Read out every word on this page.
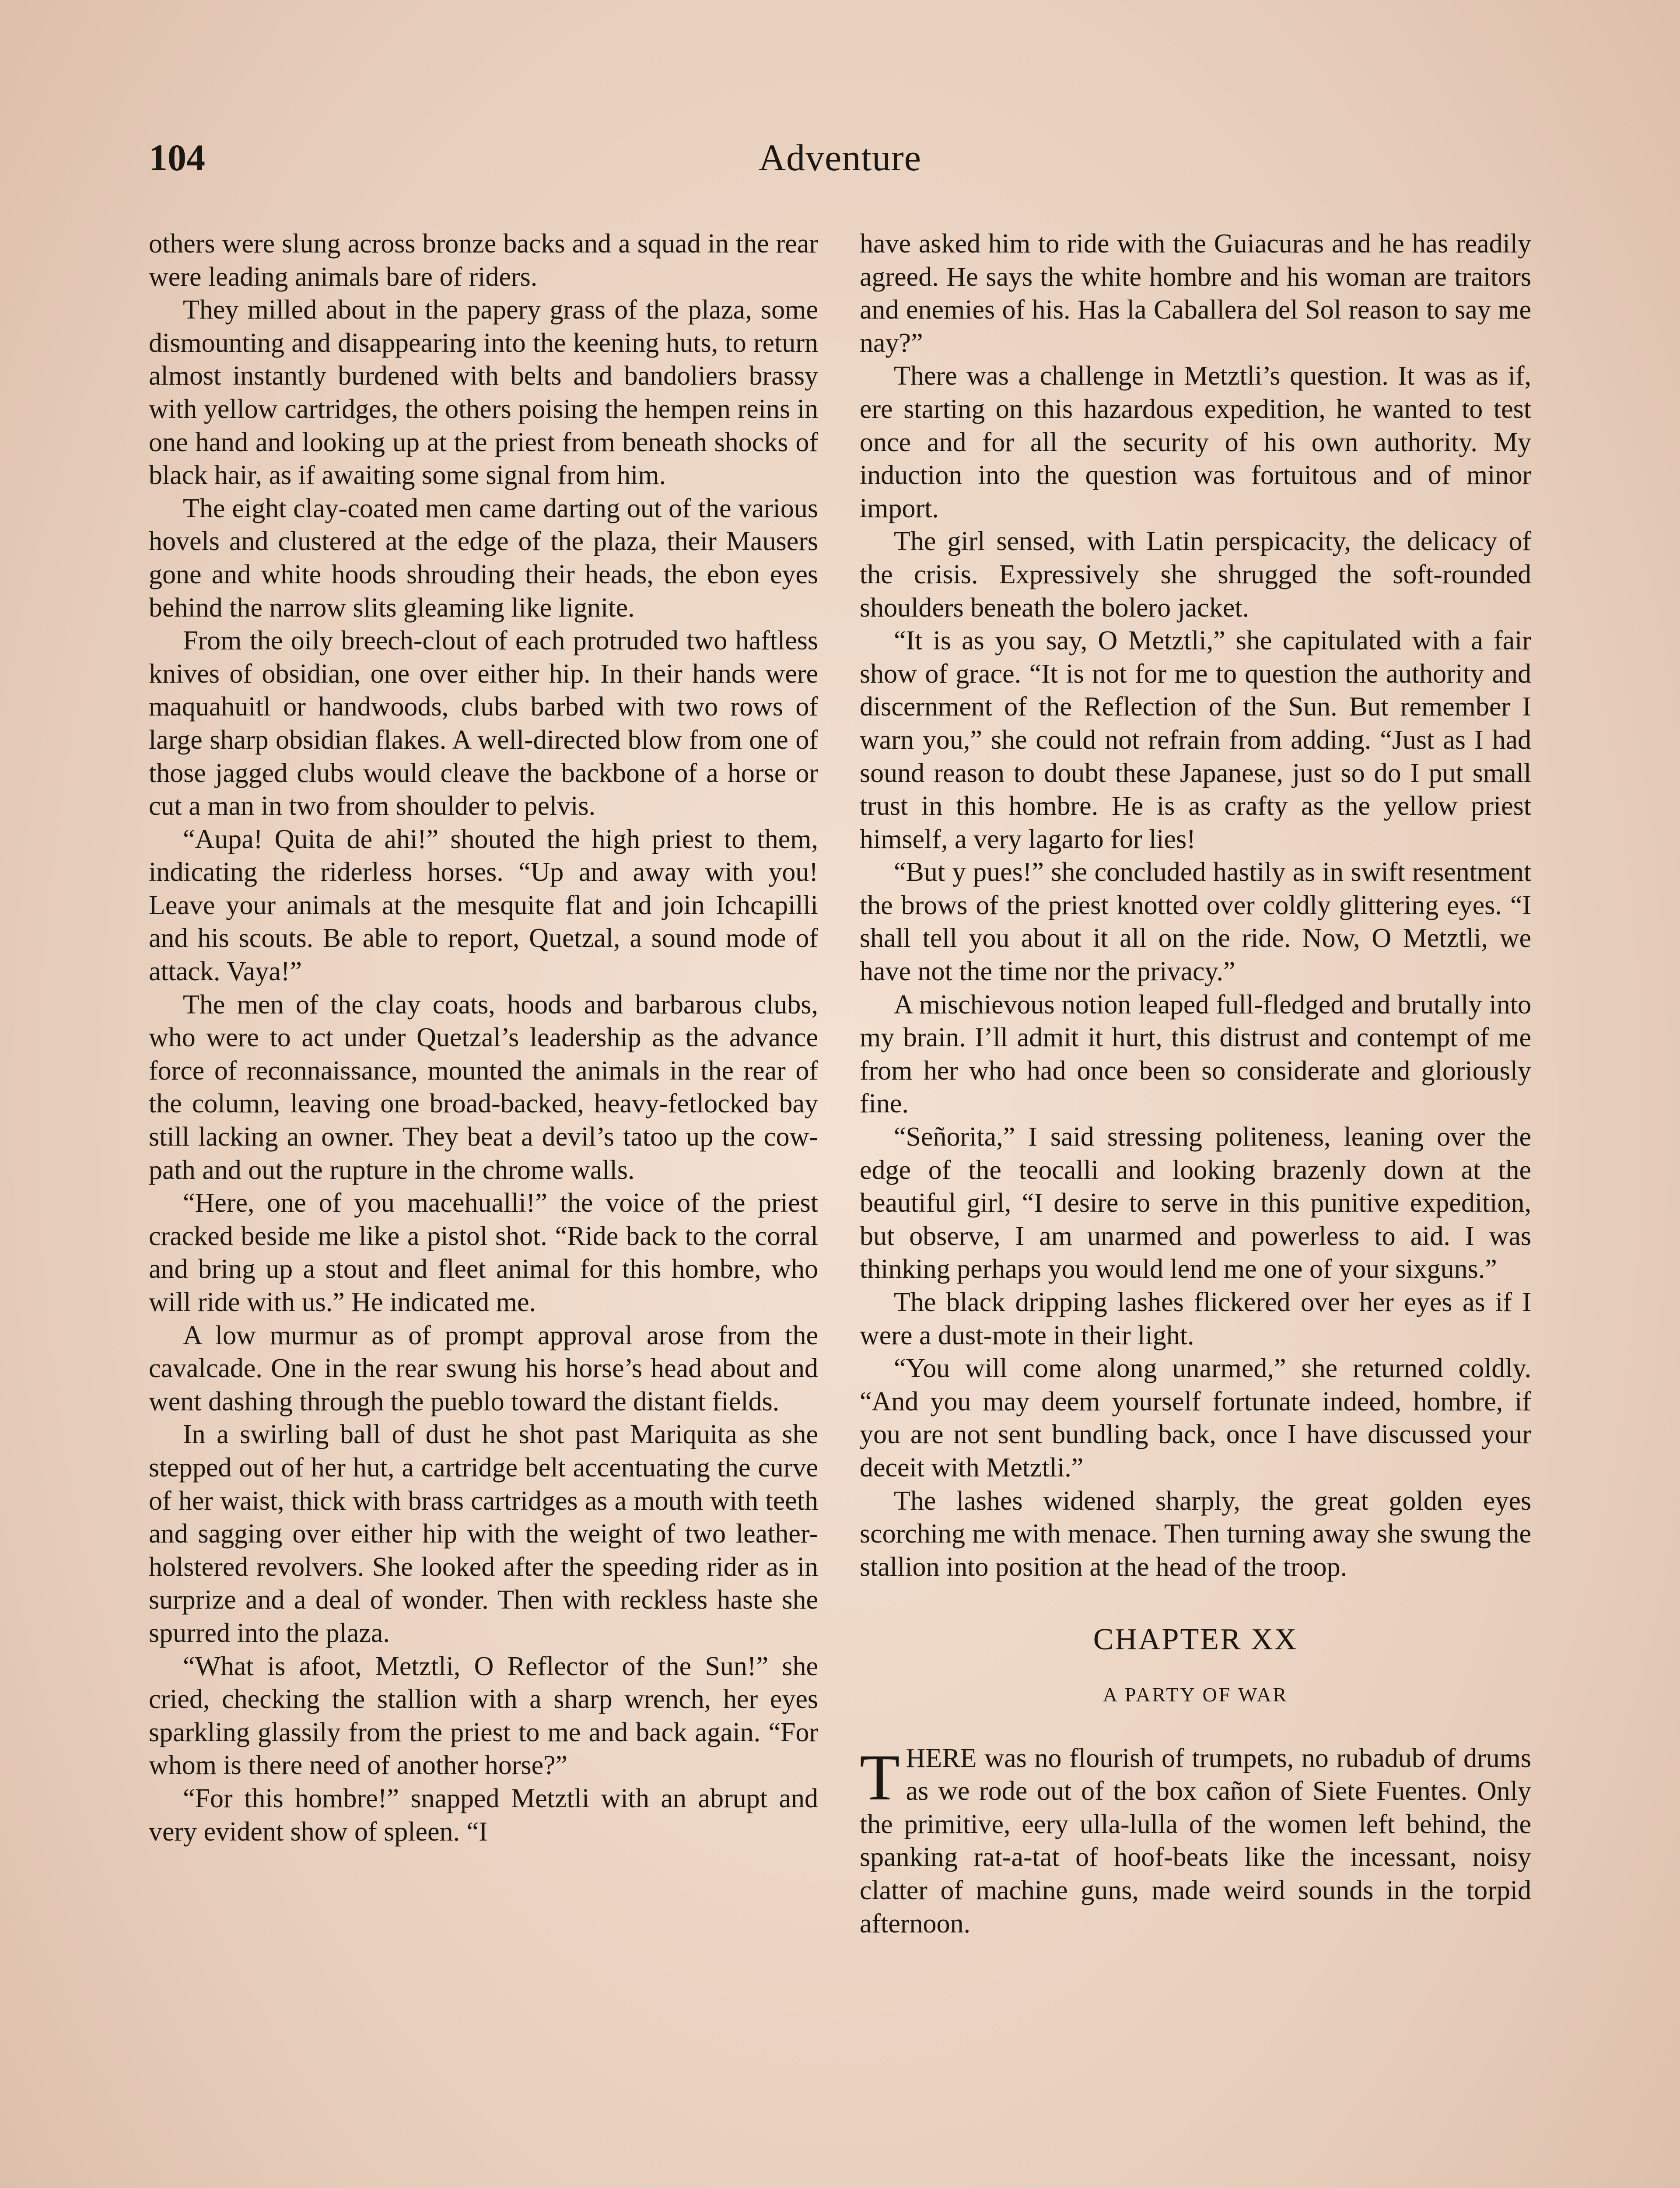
104	Adventure

others were slung across bronze backs and a squad in the rear were leading animals bare of riders.

They milled about in the papery grass of the plaza, some dismounting and disappearing into the keening huts, to return almost instantly burdened with belts and bandoliers brassy with yellow cartridges, the others poising the hempen reins in one hand and looking up at the priest from beneath shocks of black hair, as if awaiting some signal from him.

The eight clay-coated men came darting out of the various hovels and clustered at the edge of the plaza, their Mausers gone and white hoods shrouding their heads, the ebon eyes behind the narrow slits gleaming like lignite.

From the oily breech-clout of each protruded two haftless knives of obsidian, one over either hip. In their hands were maquahuitl or handwoods, clubs barbed with two rows of large sharp obsidian flakes. A well-directed blow from one of those jagged clubs would cleave the backbone of a horse or cut a man in two from shoulder to pelvis.

“Aupa! Quita de ahi!” shouted the high priest to them, indicating the riderless horses. “Up and away with you! Leave your animals at the mesquite flat and join Ichcapilli and his scouts. Be able to report, Quetzal, a sound mode of attack. Vaya!”

The men of the clay coats, hoods and barbarous clubs, who were to act under Quetzal’s leadership as the advance force of reconnaissance, mounted the animals in the rear of the column, leaving one broad-backed, heavy-fetlocked bay still lacking an owner. They beat a devil’s tatoo up the cow-path and out the rupture in the chrome walls.

“Here, one of you macehualli!” the voice of the priest cracked beside me like a pistol shot. “Ride back to the corral and bring up a stout and fleet animal for this hombre, who will ride with us.” He indicated me.

A low murmur as of prompt approval arose from the cavalcade. One in the rear swung his horse’s head about and went dashing through the pueblo toward the distant fields.

In a swirling ball of dust he shot past Mariquita as she stepped out of her hut, a cartridge belt accentuating the curve of her waist, thick with brass cartridges as a mouth with teeth and sagging over either hip with the weight of two leather-holstered revolvers. She looked after the speeding rider as in surprize and a deal of wonder. Then with reckless haste she spurred into the plaza.

“What is afoot, Metztli, O Reflector of the Sun!” she cried, checking the stallion with a sharp wrench, her eyes sparkling glassily from the priest to me and back again. “For whom is there need of another horse?”

“For this hombre!” snapped Metztli with an abrupt and very evident show of spleen. “I

have asked him to ride with the Guiacuras and he has readily agreed. He says the white hombre and his woman are traitors and enemies of his. Has la Caballera del Sol reason to say me nay?”

There was a challenge in Metztli’s question. It was as if, ere starting on this hazardous expedition, he wanted to test once and for all the security of his own authority. My induction into the question was fortuitous and of minor import.

The girl sensed, with Latin perspicacity, the delicacy of the crisis. Expressively she shrugged the soft-rounded shoulders beneath the bolero jacket.

“It is as you say, O Metztli,” she capitulated with a fair show of grace. “It is not for me to question the authority and discernment of the Reflection of the Sun. But remember I warn you,” she could not refrain from adding. “Just as I had sound reason to doubt these Japanese, just so do I put small trust in this hombre. He is as crafty as the yellow priest himself, a very lagarto for lies!

“But y pues!” she concluded hastily as in swift resentment the brows of the priest knotted over coldly glittering eyes. “I shall tell you about it all on the ride. Now, O Metztli, we have not the time nor the privacy.”

A mischievous notion leaped full-fledged and brutally into my brain. I’ll admit it hurt, this distrust and contempt of me from her who had once been so considerate and gloriously fine.

“Señorita,” I said stressing politeness, leaning over the edge of the teocalli and looking brazenly down at the beautiful girl, “I desire to serve in this punitive expedition, but observe, I am unarmed and powerless to aid. I was thinking perhaps you would lend me one of your sixguns.”

The black dripping lashes flickered over her eyes as if I were a dust-mote in their light.

“You will come along unarmed,” she returned coldly. “And you may deem yourself fortunate indeed, hombre, if you are not sent bundling back, once I have discussed your deceit with Metztli.”

The lashes widened sharply, the great golden eyes scorching me with menace. Then turning away she swung the stallion into position at the head of the troop.

CHAPTER XX
A PARTY OF WAR

THERE was no flourish of trumpets, no rubadub of drums as we rode out of the box cañon of Siete Fuentes. Only the primitive, eery ulla-lulla of the women left behind, the spanking rat-a-tat of hoof-beats like the incessant, noisy clatter of machine guns, made weird sounds in the torpid afternoon.
